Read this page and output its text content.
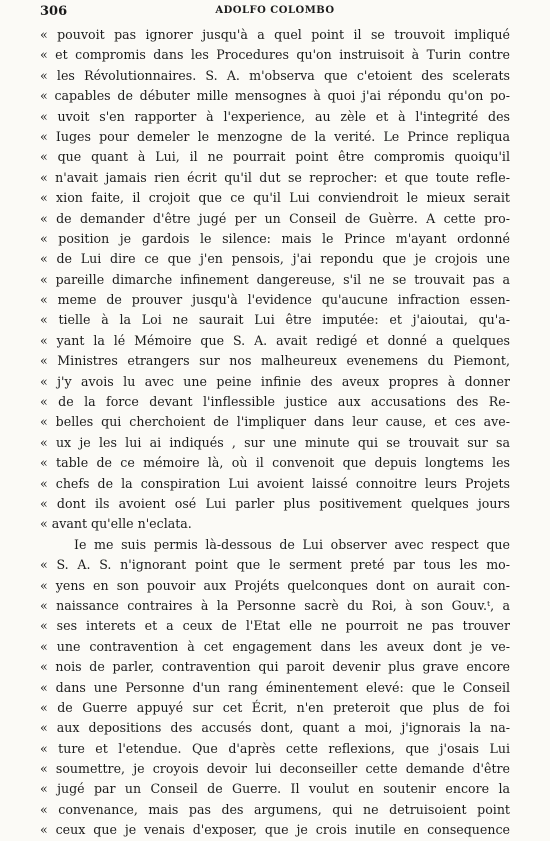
306	ADOLFO COLOMBO
« pouvoit pas ignorer jusqu'à a quel point il se trouvoit impliqué
« et compromis dans les Procedures qu'on instruisoit à Turin contre
« les Révolutionnaires. S. A. m'observa que c'etoient des scelerats
« capables de débuter mille mensognes à quoi j'ai répondu qu'on po-
« uvoit s'en rapporter à l'experience, au zèle et à l'integrité des
« Iuges pour demeler le menzogne de la verité. Le Prince repliqua
« que quant à Lui, il ne pourrait point être compromis quoiqu'il
« n'avait jamais rien écrit qu'il dut se reprocher: et que toute refle-
« xion faite, il crojoit que ce qu'il Lui conviendroit le mieux serait
« de demander d'être jugé per un Conseil de Guèrre. A cette pro-
« position je gardois le silence: mais le Prince m'ayant ordonné
« de Lui dire ce que j'en pensois, j'ai repondu que je crojois une
« pareille dimarche infinement dangereuse, s'il ne se trouvait pas a
« meme de prouver jusqu'à l'evidence qu'aucune infraction essen-
« tielle à la Loi ne saurait Lui être imputée: et j'aioutai, qu'a-
« yant la lé Mémoire que S. A. avait redigé et donné a quelques
« Ministres etrangers sur nos malheureux evenemens du Piemont,
« j'y avois lu avec une peine infinie des aveux propres à donner
« de la force devant l'inflessible justice aux accusations des Re-
« belles qui cherchoient de l'impliquer dans leur cause, et ces ave-
« ux je les lui ai indiqués , sur une minute qui se trouvait sur sa
« table de ce mémoire là, où il convenoit que depuis longtems les
« chefs de la conspiration Lui avoient laissé connoitre leurs Projets
« dont ils avoient osé Lui parler plus positivement quelques jours
« avant qu'elle n'eclata.
Ie me suis permis là-dessous de Lui observer avec respect que
« S. A. S. n'ignorant point que le serment preté par tous les mo-
« yens en son pouvoir aux Projéts quelconques dont on aurait con-
« naissance contraires à la Personne sacrè du Roi, à son Gouv.ᵗ, a
« ses interets et a ceux de l'Etat elle ne pourroit ne pas trouver
« une contravention à cet engagement dans les aveux dont je ve-
« nois de parler, contravention qui paroit devenir plus grave encore
« dans une Personne d'un rang éminentement elevé: que le Conseil
« de Guerre appuyé sur cet Écrit, n'en preteroit que plus de foi
« aux depositions des accusés dont, quant a moi, j'ignorais la na-
« ture et l'etendue. Que d'après cette reflexions, que j'osais Lui
« soumettre, je croyois devoir lui deconseiller cette demande d'être
« jugé par un Conseil de Guerre. Il voulut en soutenir encore la
« convenance, mais pas des argumens, qui ne detruisoient point
« ceux que je venais d'exposer, que je crois inutile en consequence
